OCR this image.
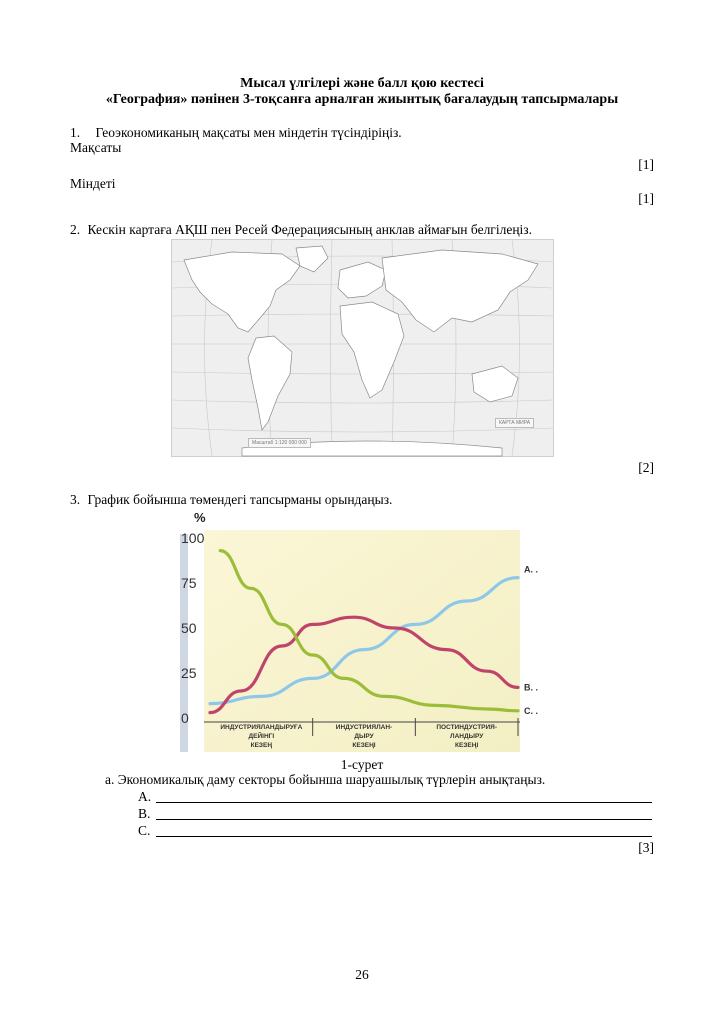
Мысал үлгілері және балл қою кестесі
«География» пәнінен 3-тоқсанға арналған жиынтық бағалаудың тапсырмалары
1. Геоэкономиканың мақсаты мен міндетін түсіндіріңіз.
Мақсаты
[1]
Міндеті
[1]
2. Кескін картаға АҚШ пен Ресей Федерациясының анклав аймағын белгілеңіз.
Масштаб 1:120 000 000
КАРТА МИРА
[2]
3. График бойынша төмендегі тапсырманы орындаңыз.
100
75
50
25
0
A. .
B. .
C. .
ИНДУСТРИЯЛАНДЫРУҒА ДЕЙІНГІ КЕЗЕҢ
ИНДУСТРИЯЛАН-ДЫРУ КЕЗЕҢІ
ПОСТИНДУСТРИЯ-ЛАНДЫРУ КЕЗЕҢІ
%
1-сурет
a. Экономикалық даму секторы бойынша шаруашылық түрлерін анықтаңыз.
A.
B.
C.
[3]
26
